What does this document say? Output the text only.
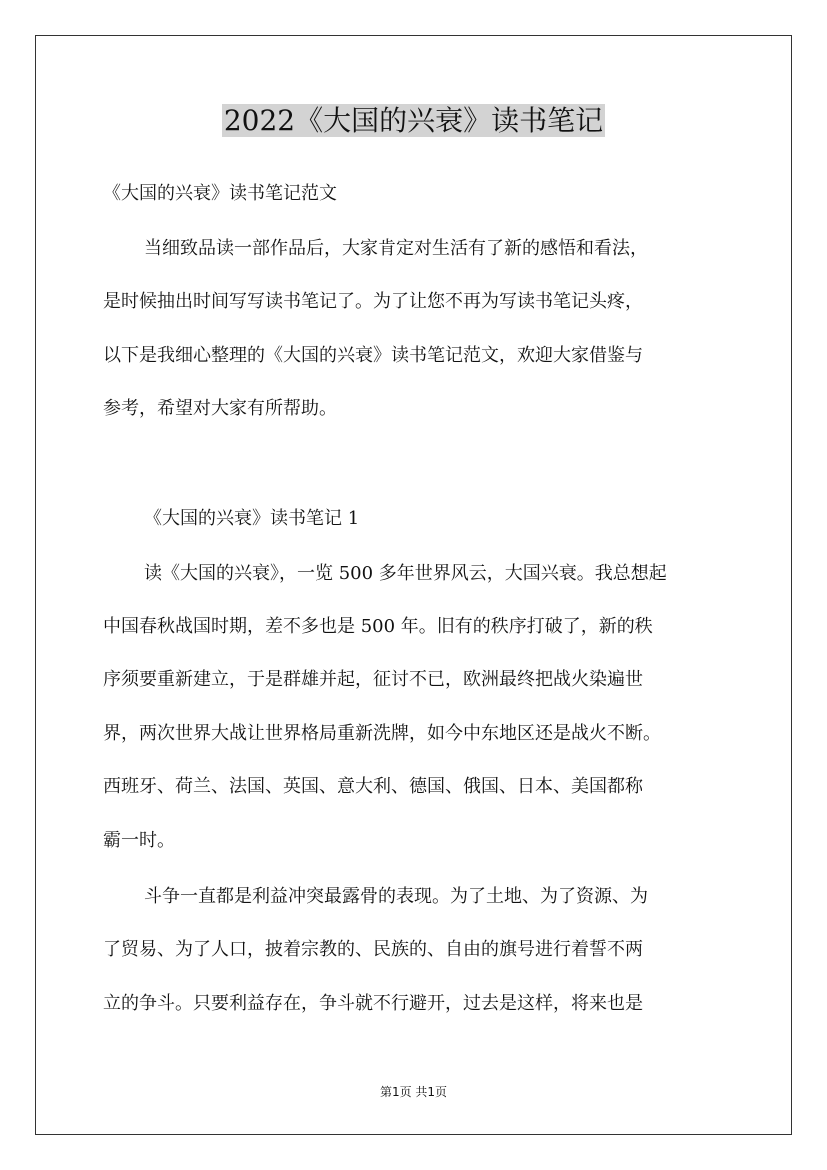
2022《大国的兴衰》读书笔记
《大国的兴衰》读书笔记范文
当细致品读一部作品后，大家肯定对生活有了新的感悟和看法，
是时候抽出时间写写读书笔记了。为了让您不再为写读书笔记头疼，
以下是我细心整理的《大国的兴衰》读书笔记范文，欢迎大家借鉴与
参考，希望对大家有所帮助。
《大国的兴衰》读书笔记 1
读《大国的兴衰》，一览 500 多年世界风云，大国兴衰。我总想起
中国春秋战国时期，差不多也是 500 年。旧有的秩序打破了，新的秩
序须要重新建立，于是群雄并起，征讨不已，欧洲最终把战火染遍世
界，两次世界大战让世界格局重新洗牌，如今中东地区还是战火不断。
西班牙、荷兰、法国、英国、意大利、德国、俄国、日本、美国都称
霸一时。
斗争一直都是利益冲突最露骨的表现。为了土地、为了资源、为
了贸易、为了人口，披着宗教的、民族的、自由的旗号进行着誓不两
立的争斗。只要利益存在，争斗就不行避开，过去是这样，将来也是
第1页 共1页
